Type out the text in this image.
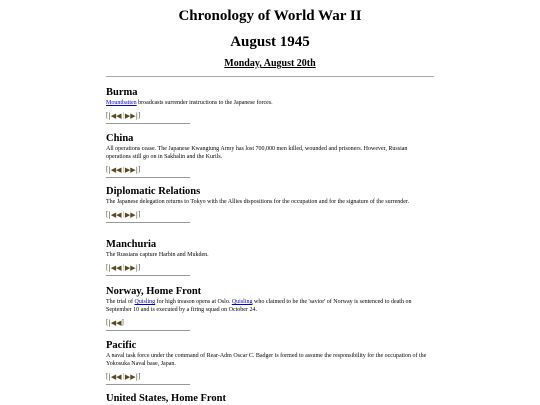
Chronology of World War II
August 1945
Monday, August 20th
Burma

Mountbatten broadcasts surrender instructions to the Japanese forces.

[ |◀◀ | ▶▶| ]
China

All operations cease. The Japanese Kwangtung Army has lost 700,000 men killed, wounded and prisoners. However, Russian operations still go on in Sakhalin and the Kurils.

[ |◀◀ | ▶▶| ]
Diplomatic Relations

The Japanese delegation returns to Tokyo with the Allies dispositions for the occupation and for the signature of the surrender.

[ |◀◀ | ▶▶| ]
Manchuria

The Russians capture Harbin and Mukden.

[ |◀◀ | ▶▶| ]
Norway, Home Front

The trial of Quisling for high treason opens at Oslo. Quisling who claimed to be the 'savior' of Norway is sentenced to death on September 10 and is executed by a firing squad on October 24.

[ |◀◀ ]
Pacific

A naval task force under the command of Rear-Adm Oscar C. Badger is formed to assume the responsibility for the occupation of the Yokosuka Naval base, Japan.

[ |◀◀ | ▶▶| ]
United States, Home Front
